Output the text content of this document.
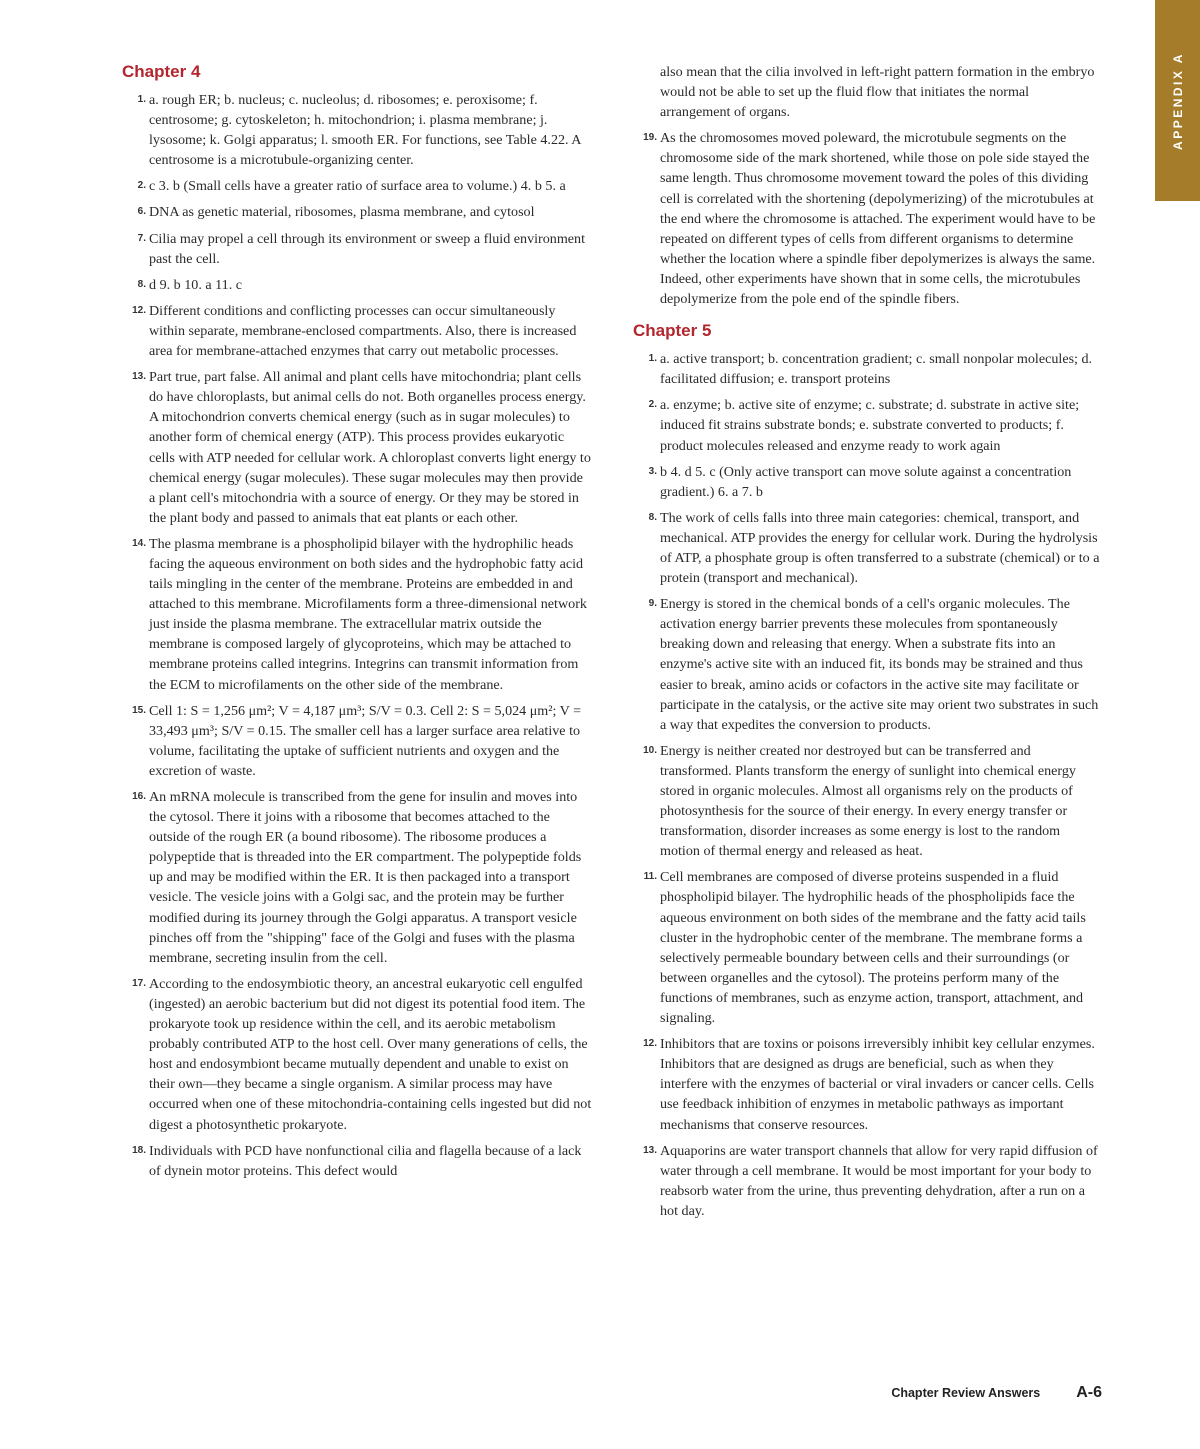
APPENDIX A
Chapter 4
1. a. rough ER; b. nucleus; c. nucleolus; d. ribosomes; e. peroxisome; f. centrosome; g. cytoskeleton; h. mitochondrion; i. plasma membrane; j. lysosome; k. Golgi apparatus; l. smooth ER. For functions, see Table 4.22. A centrosome is a microtubule-organizing center.
2. c 3. b (Small cells have a greater ratio of surface area to volume.) 4. b 5. a
6. DNA as genetic material, ribosomes, plasma membrane, and cytosol
7. Cilia may propel a cell through its environment or sweep a fluid environment past the cell.
8. d 9. b 10. a 11. c
12. Different conditions and conflicting processes can occur simultaneously within separate, membrane-enclosed compartments. Also, there is increased area for membrane-attached enzymes that carry out metabolic processes.
13. Part true, part false. All animal and plant cells have mitochondria; plant cells do have chloroplasts, but animal cells do not. Both organelles process energy. A mitochondrion converts chemical energy (such as in sugar molecules) to another form of chemical energy (ATP). This process provides eukaryotic cells with ATP needed for cellular work. A chloroplast converts light energy to chemical energy (sugar molecules). These sugar molecules may then provide a plant cell's mitochondria with a source of energy. Or they may be stored in the plant body and passed to animals that eat plants or each other.
14. The plasma membrane is a phospholipid bilayer with the hydrophilic heads facing the aqueous environment on both sides and the hydrophobic fatty acid tails mingling in the center of the membrane. Proteins are embedded in and attached to this membrane. Microfilaments form a three-dimensional network just inside the plasma membrane. The extracellular matrix outside the membrane is composed largely of glycoproteins, which may be attached to membrane proteins called integrins. Integrins can transmit information from the ECM to microfilaments on the other side of the membrane.
15. Cell 1: S = 1,256 μm²; V = 4,187 μm³; S/V = 0.3. Cell 2: S = 5,024 μm²; V = 33,493 μm³; S/V = 0.15. The smaller cell has a larger surface area relative to volume, facilitating the uptake of sufficient nutrients and oxygen and the excretion of waste.
16. An mRNA molecule is transcribed from the gene for insulin and moves into the cytosol. There it joins with a ribosome that becomes attached to the outside of the rough ER (a bound ribosome). The ribosome produces a polypeptide that is threaded into the ER compartment. The polypeptide folds up and may be modified within the ER. It is then packaged into a transport vesicle. The vesicle joins with a Golgi sac, and the protein may be further modified during its journey through the Golgi apparatus. A transport vesicle pinches off from the "shipping" face of the Golgi and fuses with the plasma membrane, secreting insulin from the cell.
17. According to the endosymbiotic theory, an ancestral eukaryotic cell engulfed (ingested) an aerobic bacterium but did not digest its potential food item. The prokaryote took up residence within the cell, and its aerobic metabolism probably contributed ATP to the host cell. Over many generations of cells, the host and endosymbiont became mutually dependent and unable to exist on their own—they became a single organism. A similar process may have occurred when one of these mitochondria-containing cells ingested but did not digest a photosynthetic prokaryote.
18. Individuals with PCD have nonfunctional cilia and flagella because of a lack of dynein motor proteins. This defect would

also mean that the cilia involved in left-right pattern formation in the embryo would not be able to set up the fluid flow that initiates the normal arrangement of organs.

19. As the chromosomes moved poleward, the microtubule segments on the chromosome side of the mark shortened, while those on pole side stayed the same length. Thus chromosome movement toward the poles of this dividing cell is correlated with the shortening (depolymerizing) of the microtubules at the end where the chromosome is attached. The experiment would have to be repeated on different types of cells from different organisms to determine whether the location where a spindle fiber depolymerizes is always the same. Indeed, other experiments have shown that in some cells, the microtubules depolymerize from the pole end of the spindle fibers.
Chapter 5
1. a. active transport; b. concentration gradient; c. small nonpolar molecules; d. facilitated diffusion; e. transport proteins
2. a. enzyme; b. active site of enzyme; c. substrate; d. substrate in active site; induced fit strains substrate bonds; e. substrate converted to products; f. product molecules released and enzyme ready to work again
3. b 4. d 5. c (Only active transport can move solute against a concentration gradient.) 6. a 7. b
8. The work of cells falls into three main categories: chemical, transport, and mechanical. ATP provides the energy for cellular work. During the hydrolysis of ATP, a phosphate group is often transferred to a substrate (chemical) or to a protein (transport and mechanical).
9. Energy is stored in the chemical bonds of a cell's organic molecules. The activation energy barrier prevents these molecules from spontaneously breaking down and releasing that energy. When a substrate fits into an enzyme's active site with an induced fit, its bonds may be strained and thus easier to break, amino acids or cofactors in the active site may facilitate or participate in the catalysis, or the active site may orient two substrates in such a way that expedites the conversion to products.
10. Energy is neither created nor destroyed but can be transferred and transformed. Plants transform the energy of sunlight into chemical energy stored in organic molecules. Almost all organisms rely on the products of photosynthesis for the source of their energy. In every energy transfer or transformation, disorder increases as some energy is lost to the random motion of thermal energy and released as heat.
11. Cell membranes are composed of diverse proteins suspended in a fluid phospholipid bilayer. The hydrophilic heads of the phospholipids face the aqueous environment on both sides of the membrane and the fatty acid tails cluster in the hydrophobic center of the membrane. The membrane forms a selectively permeable boundary between cells and their surroundings (or between organelles and the cytosol). The proteins perform many of the functions of membranes, such as enzyme action, transport, attachment, and signaling.
12. Inhibitors that are toxins or poisons irreversibly inhibit key cellular enzymes. Inhibitors that are designed as drugs are beneficial, such as when they interfere with the enzymes of bacterial or viral invaders or cancer cells. Cells use feedback inhibition of enzymes in metabolic pathways as important mechanisms that conserve resources.
13. Aquaporins are water transport channels that allow for very rapid diffusion of water through a cell membrane. It would be most important for your body to reabsorb water from the urine, thus preventing dehydration, after a run on a hot day.
Chapter Review Answers A-6
